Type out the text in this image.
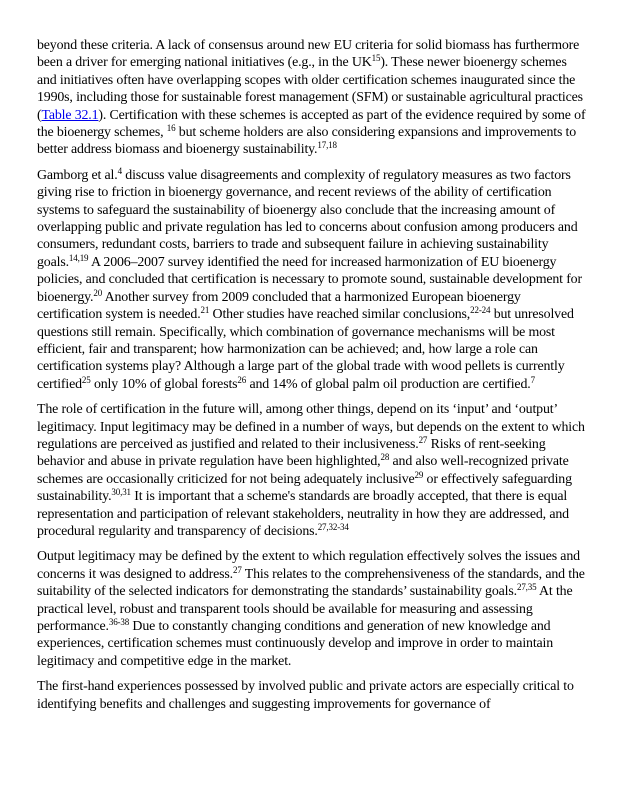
beyond these criteria. A lack of consensus around new EU criteria for solid biomass has furthermore been a driver for emerging national initiatives (e.g., in the UK$^{15}$). These newer bioenergy schemes and initiatives often have overlapping scopes with older certification schemes inaugurated since the 1990s, including those for sustainable forest management (SFM) or sustainable agricultural practices (Table 32.1). Certification with these schemes is accepted as part of the evidence required by some of the bioenergy schemes, $^{16}$ but scheme holders are also considering expansions and improvements to better address biomass and bioenergy sustainability.$^{17,18}$

Gamborg et al.$^4$ discuss value disagreements and complexity of regulatory measures as two factors giving rise to friction in bioenergy governance, and recent reviews of the ability of certification systems to safeguard the sustainability of bioenergy also conclude that the increasing amount of overlapping public and private regulation has led to concerns about confusion among producers and consumers, redundant costs, barriers to trade and subsequent failure in achieving sustainability goals.$^{14,19}$ A 2006–2007 survey identified the need for increased harmonization of EU bioenergy policies, and concluded that certification is necessary to promote sound, sustainable development for bioenergy.$^{20}$ Another survey from 2009 concluded that a harmonized European bioenergy certification system is needed.$^{21}$ Other studies have reached similar conclusions,$^{22-24}$ but unresolved questions still remain. Specifically, which combination of governance mechanisms will be most efficient, fair and transparent; how harmonization can be achieved; and, how large a role can certification systems play? Although a large part of the global trade with wood pellets is currently certified$^{25}$ only 10% of global forests$^{26}$ and 14% of global palm oil production are certified.$^7$

The role of certification in the future will, among other things, depend on its ‘input’ and ‘output’ legitimacy. Input legitimacy may be defined in a number of ways, but depends on the extent to which regulations are perceived as justified and related to their inclusiveness.$^{27}$ Risks of rent-seeking behavior and abuse in private regulation have been highlighted,$^{28}$ and also well-recognized private schemes are occasionally criticized for not being adequately inclusive$^{29}$ or effectively safeguarding sustainability.$^{30,31}$ It is important that a scheme's standards are broadly accepted, that there is equal representation and participation of relevant stakeholders, neutrality in how they are addressed, and procedural regularity and transparency of decisions.$^{27,32-34}$

Output legitimacy may be defined by the extent to which regulation effectively solves the issues and concerns it was designed to address.$^{27}$ This relates to the comprehensiveness of the standards, and the suitability of the selected indicators for demonstrating the standards’ sustainability goals.$^{27,35}$ At the practical level, robust and transparent tools should be available for measuring and assessing performance.$^{36-38}$ Due to constantly changing conditions and generation of new knowledge and experiences, certification schemes must continuously develop and improve in order to maintain legitimacy and competitive edge in the market.

The first-hand experiences possessed by involved public and private actors are especially critical to identifying benefits and challenges and suggesting improvements for governance of
